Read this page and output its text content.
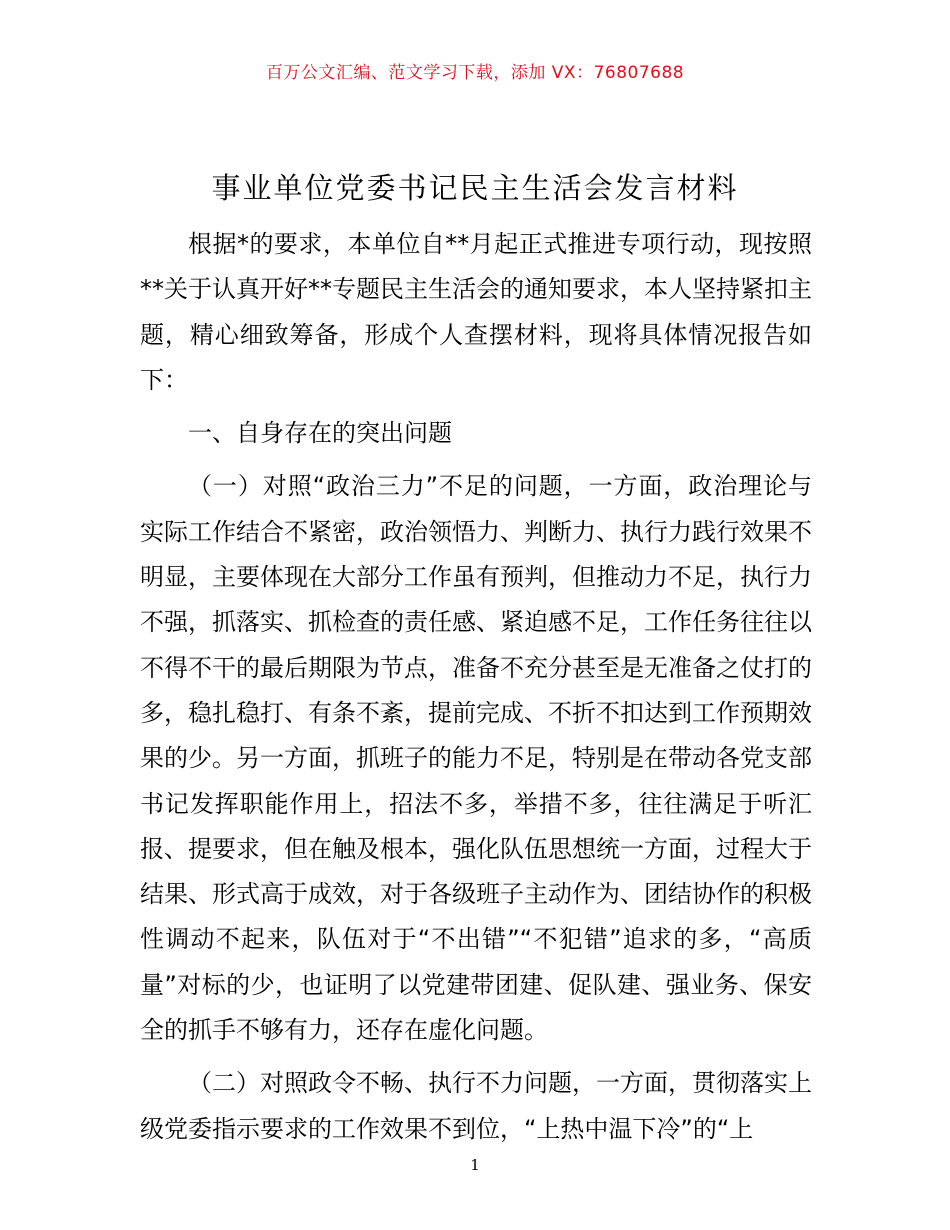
百万公文汇编、范文学习下载，添加 VX：76807688
事业单位党委书记民主生活会发言材料

根据*的要求，本单位自**月起正式推进专项行动，现按照**关于认真开好**专题民主生活会的通知要求，本人坚持紧扣主题，精心细致筹备，形成个人查摆材料，现将具体情况报告如下：

一、自身存在的突出问题

（一）对照“政治三力”不足的问题，一方面，政治理论与实际工作结合不紧密，政治领悟力、判断力、执行力践行效果不明显，主要体现在大部分工作虽有预判，但推动力不足，执行力不强，抓落实、抓检查的责任感、紧迫感不足，工作任务往往以不得不干的最后期限为节点，准备不充分甚至是无准备之仗打的多，稳扎稳打、有条不紊，提前完成、不折不扣达到工作预期效果的少。另一方面，抓班子的能力不足，特别是在带动各党支部书记发挥职能作用上，招法不多，举措不多，往往满足于听汇报、提要求，但在触及根本，强化队伍思想统一方面，过程大于结果、形式高于成效，对于各级班子主动作为、团结协作的积极性调动不起来，队伍对于“不出错”“不犯错”追求的多，“高质量”对标的少，也证明了以党建带团建、促队建、强业务、保安全的抓手不够有力，还存在虚化问题。

（二）对照政令不畅、执行不力问题，一方面，贯彻落实上级党委指示要求的工作效果不到位，“上热中温下冷”的“上

1
